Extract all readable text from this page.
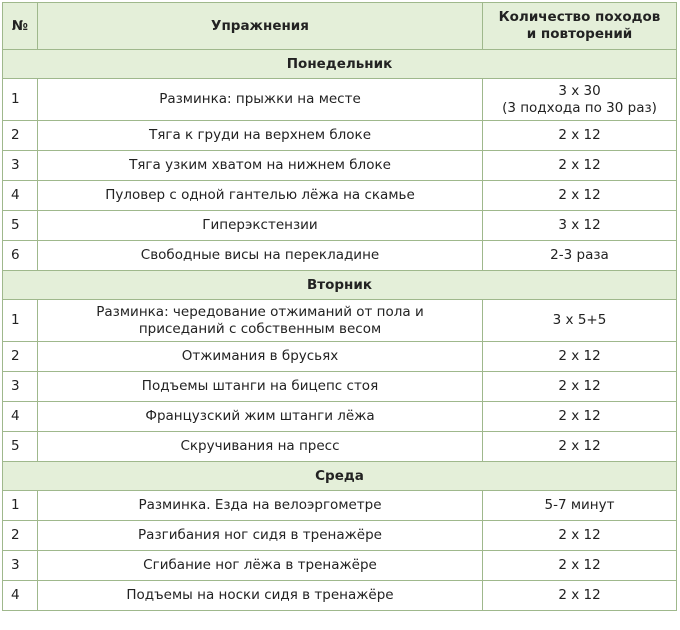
№	Упражнения	Количество походов и повторений
Понедельник		
1	Разминка: прыжки на месте	3 х 30
(3 подхода по 30 раз)
2	Тяга к груди на верхнем блоке	2 х 12
3	Тяга узким хватом на нижнем блоке	2 х 12
4	Пуловер с одной гантелью лёжа на скамье	2 х 12
5	Гиперэкстензии	3 х 12
6	Свободные висы на перекладине	2-3 раза
Вторник		
1	Разминка: чередование отжиманий от пола и приседаний с собственным весом	3 х 5+5
2	Отжимания в брусьях	2 х 12
3	Подъемы штанги на бицепс стоя	2 х 12
4	Французский жим штанги лёжа	2 х 12
5	Скручивания на пресс	2 х 12
Среда		
1	Разминка. Езда на велоэргометре	5-7 минут
2	Разгибания ног сидя в тренажёре	2 х 12
3	Сгибание ног лёжа в тренажёре	2 х 12
4	Подъемы на носки сидя в тренажёре	2 х 12
